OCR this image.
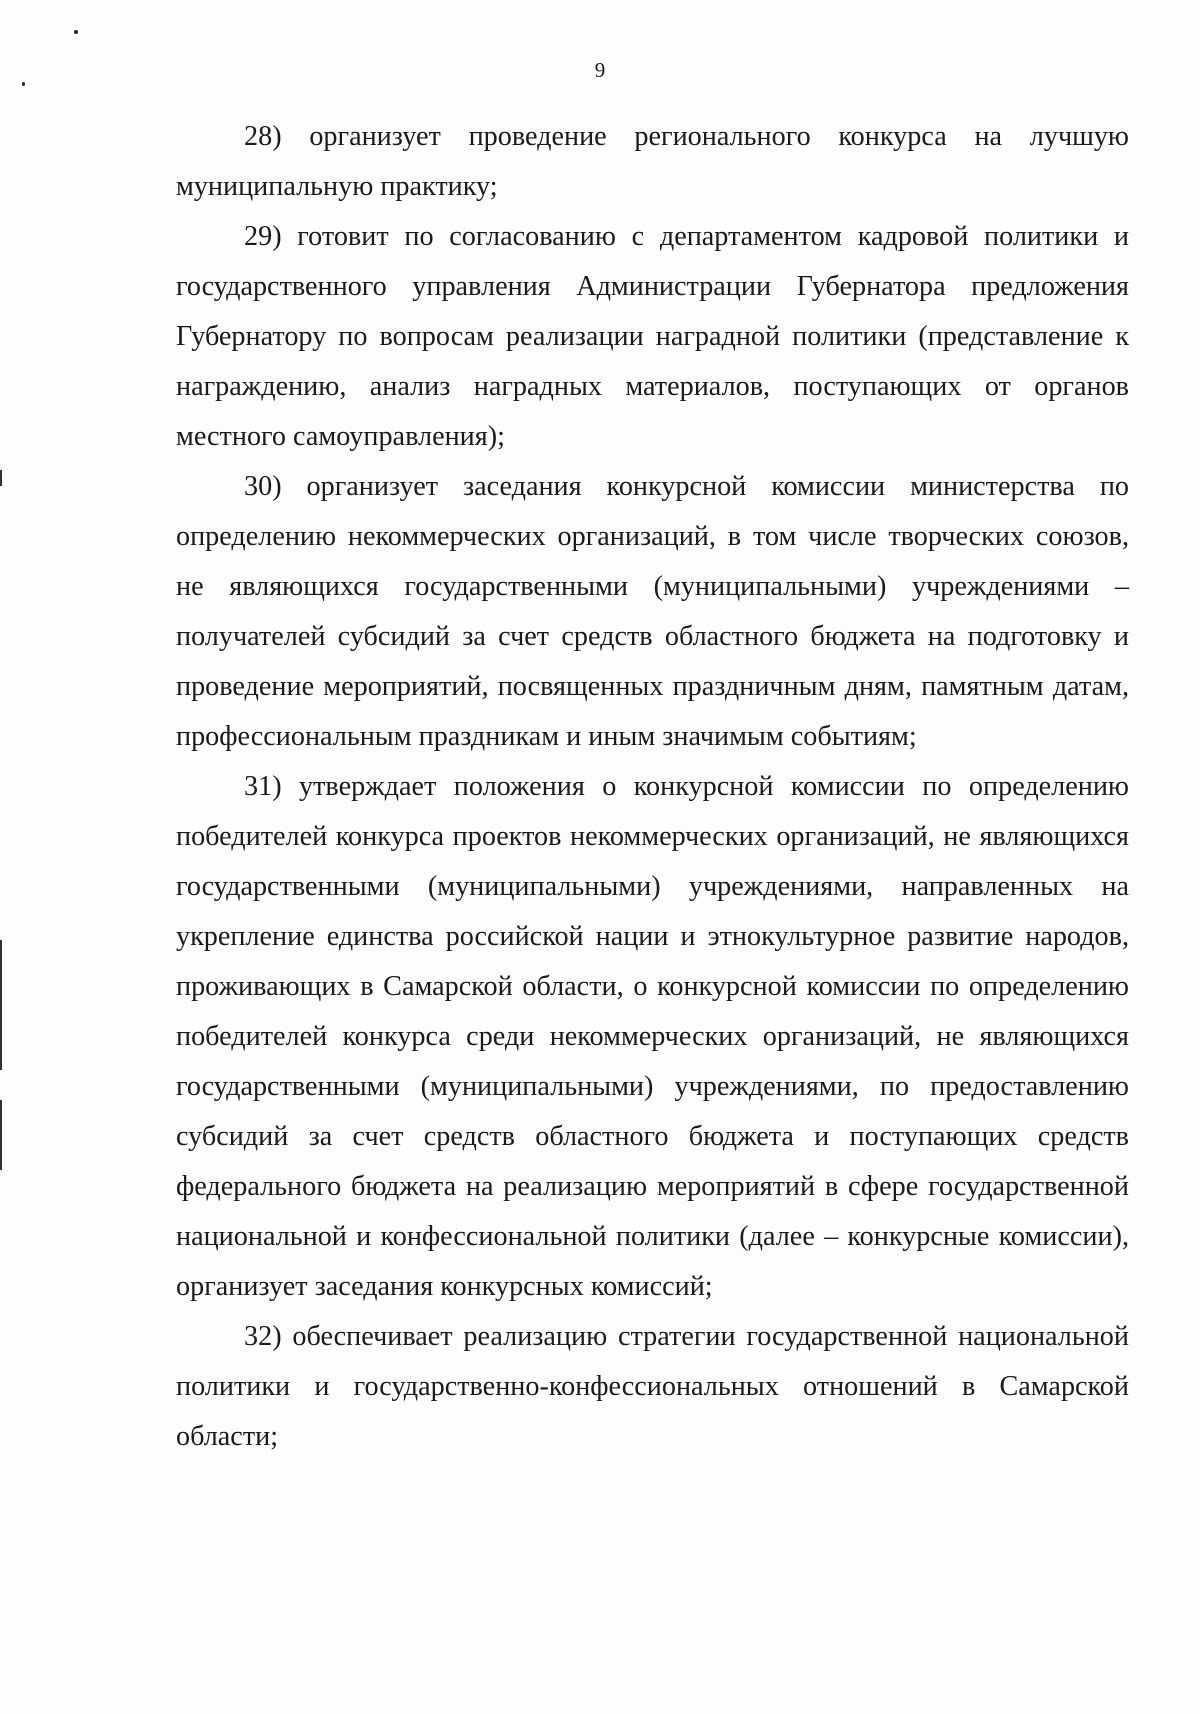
9

28) организует проведение регионального конкурса на лучшую муниципальную практику;

29) готовит по согласованию с департаментом кадровой политики и государственного управления Администрации Губернатора предложения Губернатору по вопросам реализации наградной политики (представление к награждению, анализ наградных материалов, поступающих от органов местного самоуправления);

30) организует заседания конкурсной комиссии министерства по определению некоммерческих организаций, в том числе творческих союзов, не являющихся государственными (муниципальными) учреждениями – получателей субсидий за счет средств областного бюджета на подготовку и проведение мероприятий, посвященных праздничным дням, памятным датам, профессиональным праздникам и иным значимым событиям;

31) утверждает положения о конкурсной комиссии по определению победителей конкурса проектов некоммерческих организаций, не являющихся государственными (муниципальными) учреждениями, направленных на укрепление единства российской нации и этнокультурное развитие народов, проживающих в Самарской области, о конкурсной комиссии по определению победителей конкурса среди некоммерческих организаций, не являющихся государственными (муниципальными) учреждениями, по предоставлению субсидий за счет средств областного бюджета и поступающих средств федерального бюджета на реализацию мероприятий в сфере государственной национальной и конфессиональной политики (далее – конкурсные комиссии), организует заседания конкурсных комиссий;

32) обеспечивает реализацию стратегии государственной национальной политики и государственно-конфессиональных отношений в Самарской области;
